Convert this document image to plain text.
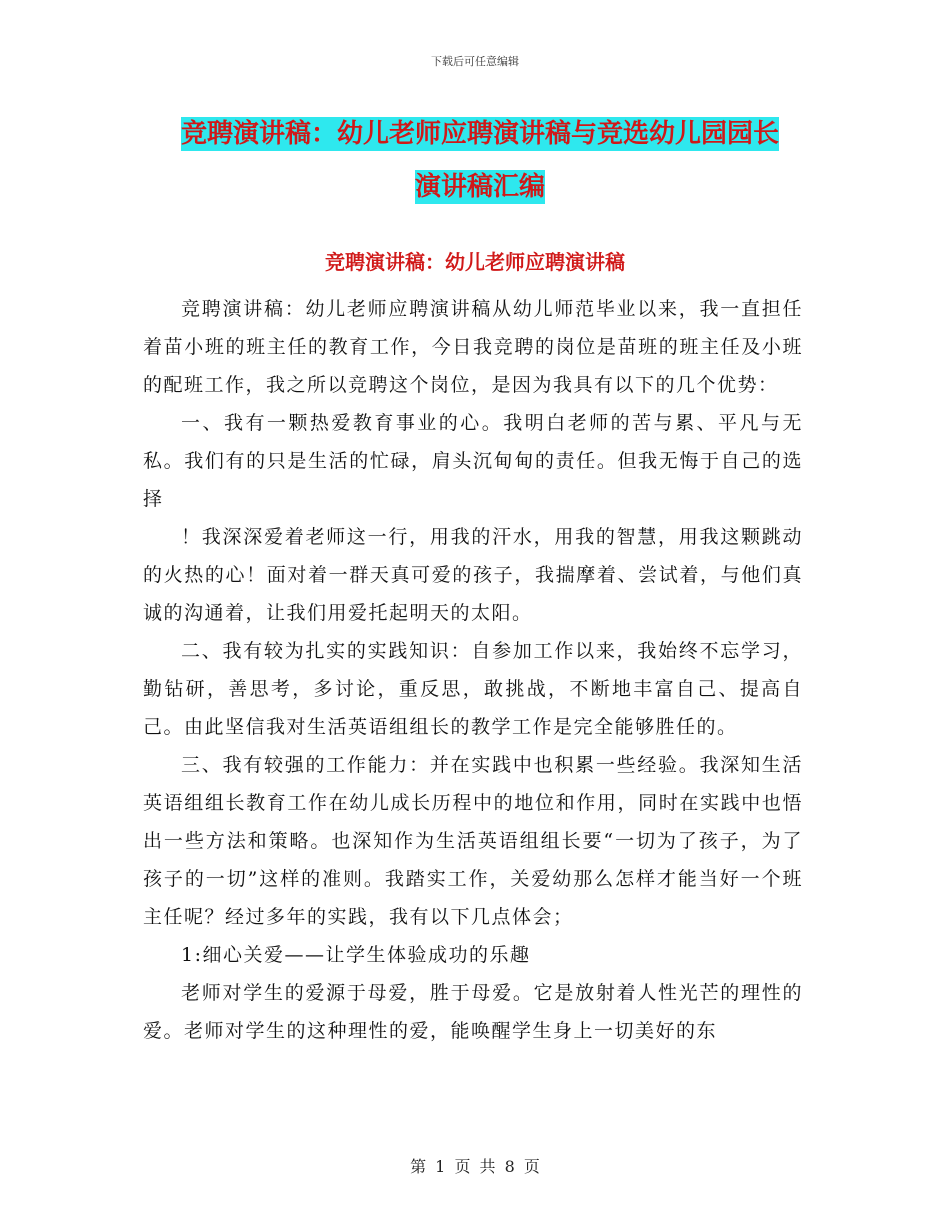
下载后可任意编辑
竞聘演讲稿：幼儿老师应聘演讲稿与竞选幼儿园园长
演讲稿汇编
竞聘演讲稿：幼儿老师应聘演讲稿

竞聘演讲稿：幼儿老师应聘演讲稿从幼儿师范毕业以来，我一直担任着苗小班的班主任的教育工作，今日我竞聘的岗位是苗班的班主任及小班的配班工作，我之所以竞聘这个岗位，是因为我具有以下的几个优势：

一、我有一颗热爱教育事业的心。我明白老师的苦与累、平凡与无私。我们有的只是生活的忙碌，肩头沉甸甸的责任。但我无悔于自己的选择

！我深深爱着老师这一行，用我的汗水，用我的智慧，用我这颗跳动的火热的心！面对着一群天真可爱的孩子，我揣摩着、尝试着，与他们真诚的沟通着，让我们用爱托起明天的太阳。

二、我有较为扎实的实践知识：自参加工作以来，我始终不忘学习，勤钻研，善思考，多讨论，重反思，敢挑战，不断地丰富自己、提高自己。由此坚信我对生活英语组组长的教学工作是完全能够胜任的。

三、我有较强的工作能力：并在实践中也积累一些经验。我深知生活英语组组长教育工作在幼儿成长历程中的地位和作用，同时在实践中也悟出一些方法和策略。也深知作为生活英语组组长要“一切为了孩子，为了孩子的一切”这样的准则。我踏实工作，关爱幼那么怎样才能当好一个班主任呢？经过多年的实践，我有以下几点体会；

1:细心关爱——让学生体验成功的乐趣

老师对学生的爱源于母爱，胜于母爱。它是放射着人性光芒的理性的爱。老师对学生的这种理性的爱，能唤醒学生身上一切美好的东

第 1 页 共 8 页
